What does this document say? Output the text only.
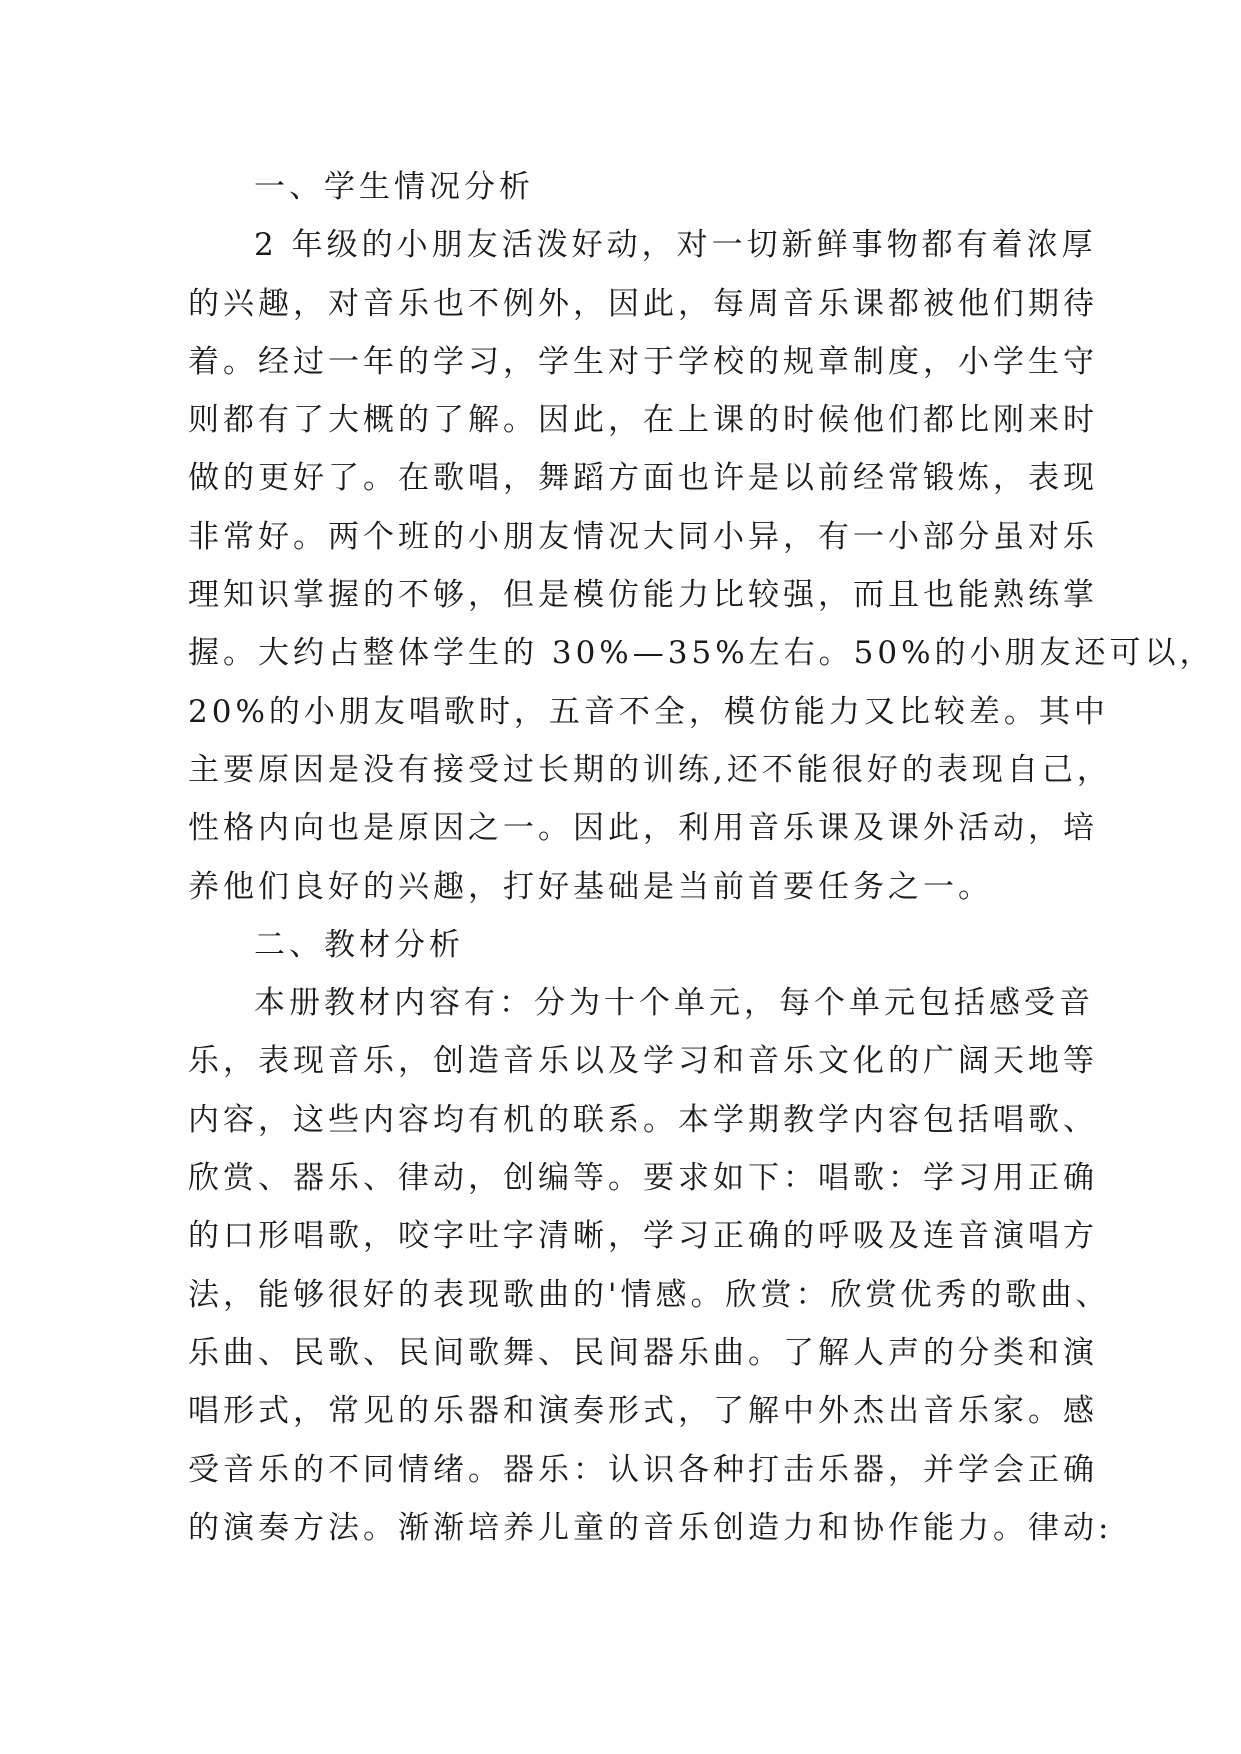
一、学生情况分析
2 年级的小朋友活泼好动，对一切新鲜事物都有着浓厚
的兴趣，对音乐也不例外，因此，每周音乐课都被他们期待
着。经过一年的学习，学生对于学校的规章制度，小学生守
则都有了大概的了解。因此，在上课的时候他们都比刚来时
做的更好了。在歌唱，舞蹈方面也许是以前经常锻炼，表现
非常好。两个班的小朋友情况大同小异，有一小部分虽对乐
理知识掌握的不够，但是模仿能力比较强，而且也能熟练掌
握。大约占整体学生的 30%—35%左右。50%的小朋友还可以，
20%的小朋友唱歌时，五音不全，模仿能力又比较差。其中
主要原因是没有接受过长期的训练,还不能很好的表现自己，
性格内向也是原因之一。因此，利用音乐课及课外活动，培
养他们良好的兴趣，打好基础是当前首要任务之一。
二、教材分析
本册教材内容有：分为十个单元，每个单元包括感受音
乐，表现音乐，创造音乐以及学习和音乐文化的广阔天地等
内容，这些内容均有机的联系。本学期教学内容包括唱歌、
欣赏、器乐、律动，创编等。要求如下：唱歌：学习用正确
的口形唱歌，咬字吐字清晰，学习正确的呼吸及连音演唱方
法，能够很好的表现歌曲的'情感。欣赏：欣赏优秀的歌曲、
乐曲、民歌、民间歌舞、民间器乐曲。了解人声的分类和演
唱形式，常见的乐器和演奏形式，了解中外杰出音乐家。感
受音乐的不同情绪。器乐：认识各种打击乐器，并学会正确
的演奏方法。渐渐培养儿童的音乐创造力和协作能力。律动:
